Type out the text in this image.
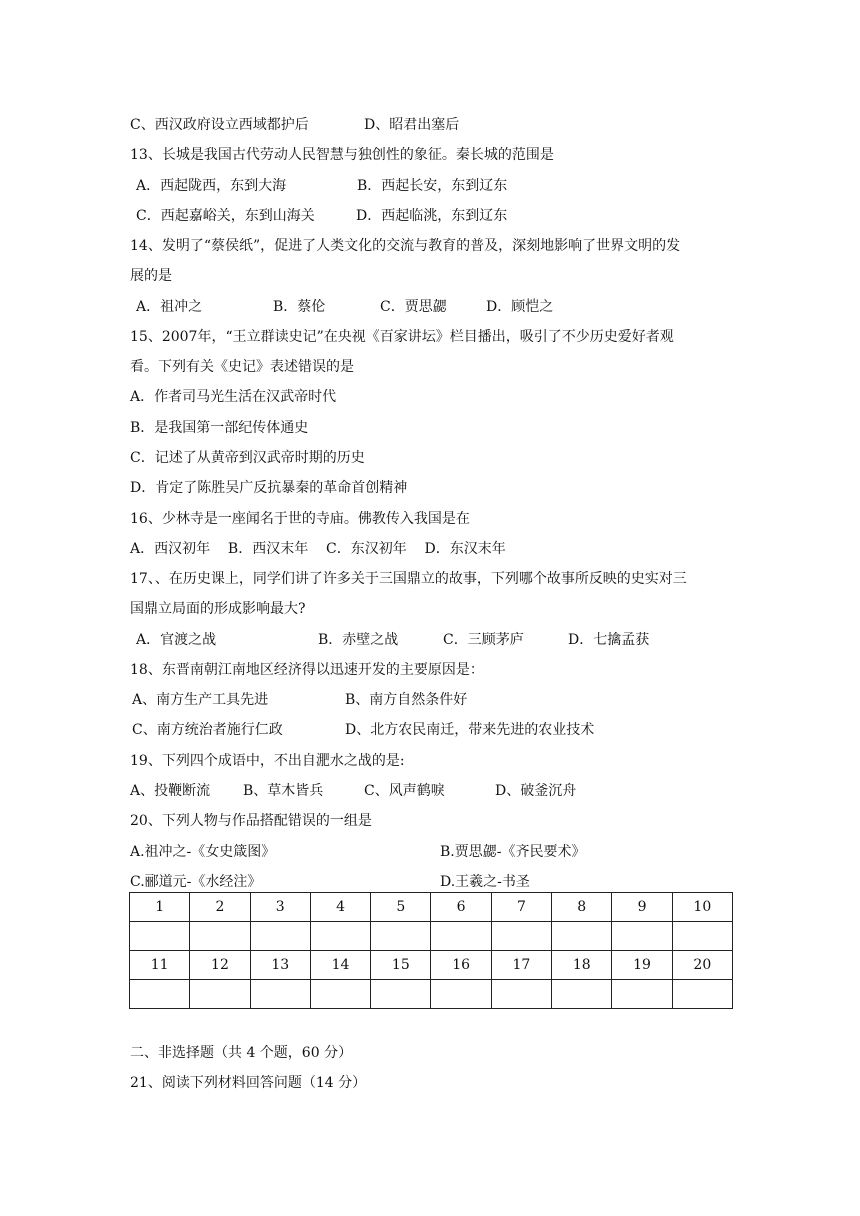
C、西汉政府设立西域都护后	D、昭君出塞后
13、长城是我国古代劳动人民智慧与独创性的象征。秦长城的范围是
A．西起陇西，东到大海	B．西起长安，东到辽东
C．西起嘉峪关，东到山海关	D．西起临洮，东到辽东
14、发明了“蔡侯纸”，促进了人类文化的交流与教育的普及，深刻地影响了世界文明的发
展的是
A．祖冲之	B．蔡伦	C．贾思勰	D．顾恺之
15、2007年，“王立群读史记”在央视《百家讲坛》栏目播出，吸引了不少历史爱好者观
看。下列有关《史记》表述错误的是
A．作者司马光生活在汉武帝时代
B．是我国第一部纪传体通史
C．记述了从黄帝到汉武帝时期的历史
D．肯定了陈胜吴广反抗暴秦的革命首创精神
16、少林寺是一座闻名于世的寺庙。佛教传入我国是在
A．西汉初年    B．西汉末年    C．东汉初年    D．东汉末年
17、、在历史课上，同学们讲了许多关于三国鼎立的故事，下列哪个故事所反映的史实对三
国鼎立局面的形成影响最大?
A．官渡之战	B．赤壁之战	C．三顾茅庐	D．七擒孟获
18、东晋南朝江南地区经济得以迅速开发的主要原因是：
A、南方生产工具先进	B、南方自然条件好
C、南方统治者施行仁政	D、北方农民南迁，带来先进的农业技术
19、下列四个成语中，不出自淝水之战的是:
A、投鞭断流 B、草木皆兵	C、风声鹤唳	D、破釜沉舟
20、下列人物与作品搭配错误的一组是
A.祖冲之-《女史箴图》	B.贾思勰-《齐民要术》
C.郦道元-《水经注》	D.王羲之-书圣
1	2	3	4	5	6	7	8	9	10

11	12	13	14	15	16	17	18	19	20

二、非选择题（共 4 个题，60 分）
21、阅读下列材料回答问题（14 分）
